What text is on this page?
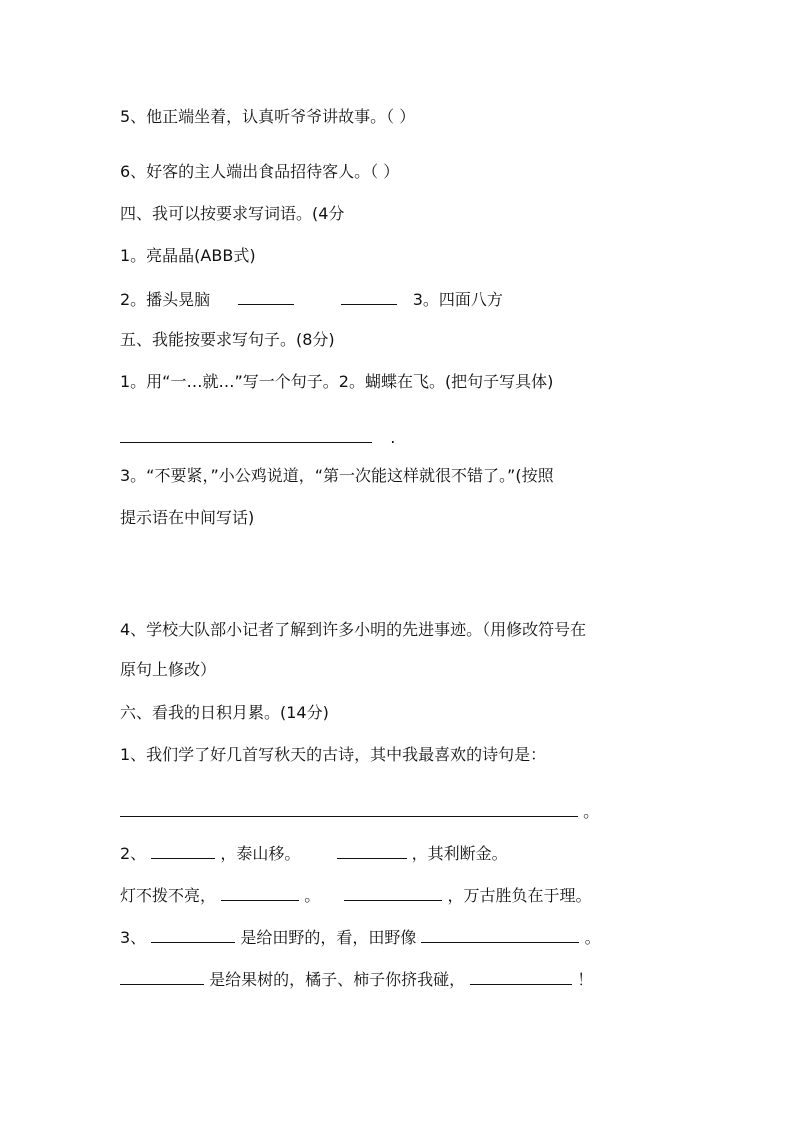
5、他正端坐着，认真听爷爷讲故事。（ ）
6、好客的主人端出食品招待客人。（ ）
四、我可以按要求写词语。(4分
1。亮晶晶(ABB式)
2。播头晃脑	3。四面八方
五、我能按要求写句子。(8分)
1。用“一…就…”写一个句子。2。蝴蝶在飞。(把句子写具体)
.
3。“不要紧，”小公鸡说道，“第一次能这样就很不错了。”(按照
提示语在中间写话)
4、学校大队部小记者了解到许多小明的先进事迹。（用修改符号在
原句上修改）
六、看我的日积月累。(14分)
1、我们学了好几首写秋天的古诗，其中我最喜欢的诗句是：
。
2、	，泰山移。	，其利断金。
灯不拨不亮，	。	，万古胜负在于理。
3、	是给田野的，看，田野像	。
是给果树的，橘子、柿子你挤我碰，	！
